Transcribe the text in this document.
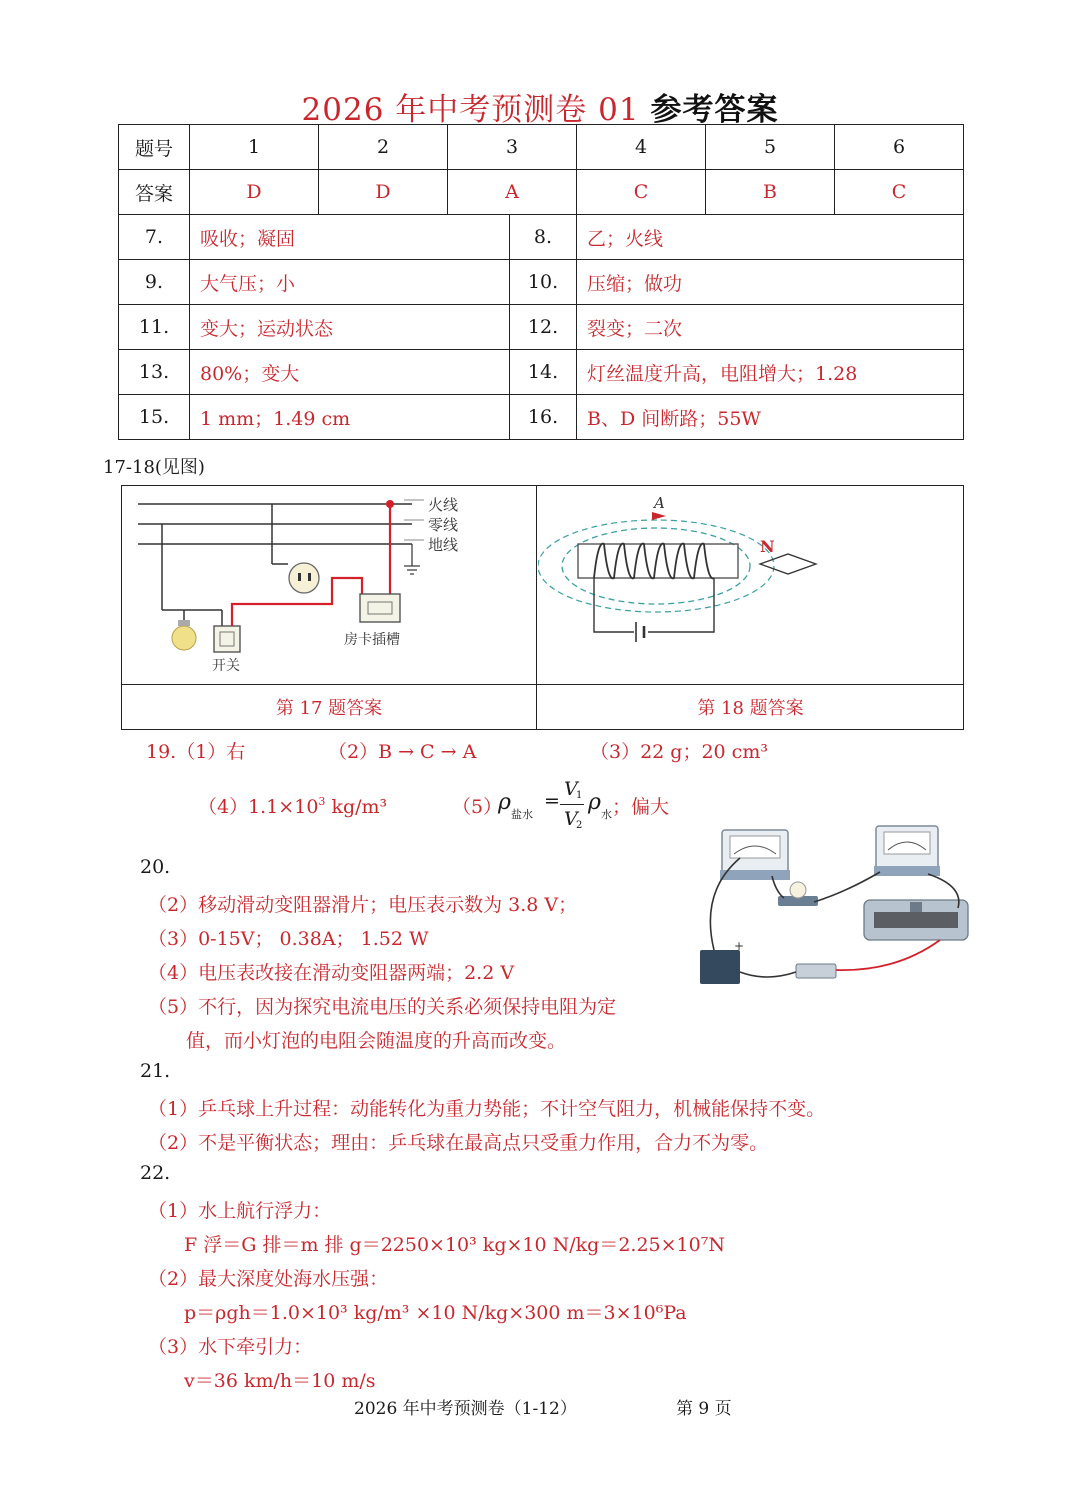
2026 年中考预测卷 01 参考答案
题号	1	2	3	4	5	6
答案	D	D	A	C	B	C
7.	吸收；凝固	8.	乙；火线
9.	大气压；小	10.	压缩；做功
11.	变大；运动状态	12.	裂变；二次
13.	80%；变大	14.	灯丝温度升高，电阻增大；1.28
15.	1 mm；1.49 cm	16.	B、D 间断路；55W
17-18(见图)
火线
零线
地线
开关
房卡插槽
A
N
第 17 题答案	第 18 题答案
19.（1）右	（2）B → C → A	（3）22 g；20 cm³
$(4)1.1\times 10^3$ kg/m³	（5）
ρ 盐水
=
V
1
V
2
ρ 水 ；偏大
+
20.
（2）移动滑动变阻器滑片；电压表示数为 3.8 V；
（3）0-15V； 0.38A； 1.52 W
（4）电压表改接在滑动变阻器两端；2.2 V
（5）不行，因为探究电流电压的关系必须保持电阻为定
值，而小灯泡的电阻会随温度的升高而改变。
21.
（1）乒乓球上升过程：动能转化为重力势能；不计空气阻力，机械能保持不变。
（2）不是平衡状态；理由：乒乓球在最高点只受重力作用，合力不为零。
22.
（1）水上航行浮力：
F 浮＝G 排＝m 排 g＝2250×10³ kg×10 N/kg＝2.25×10⁷N
（2）最大深度处海水压强：
p＝ρgh＝1.0×10³ kg/m³ ×10 N/kg×300 m＝3×10⁶Pa
（3）水下牵引力：
v＝36 km/h＝10 m/s
2026 年中考预测卷（1-12）	第 9 页
